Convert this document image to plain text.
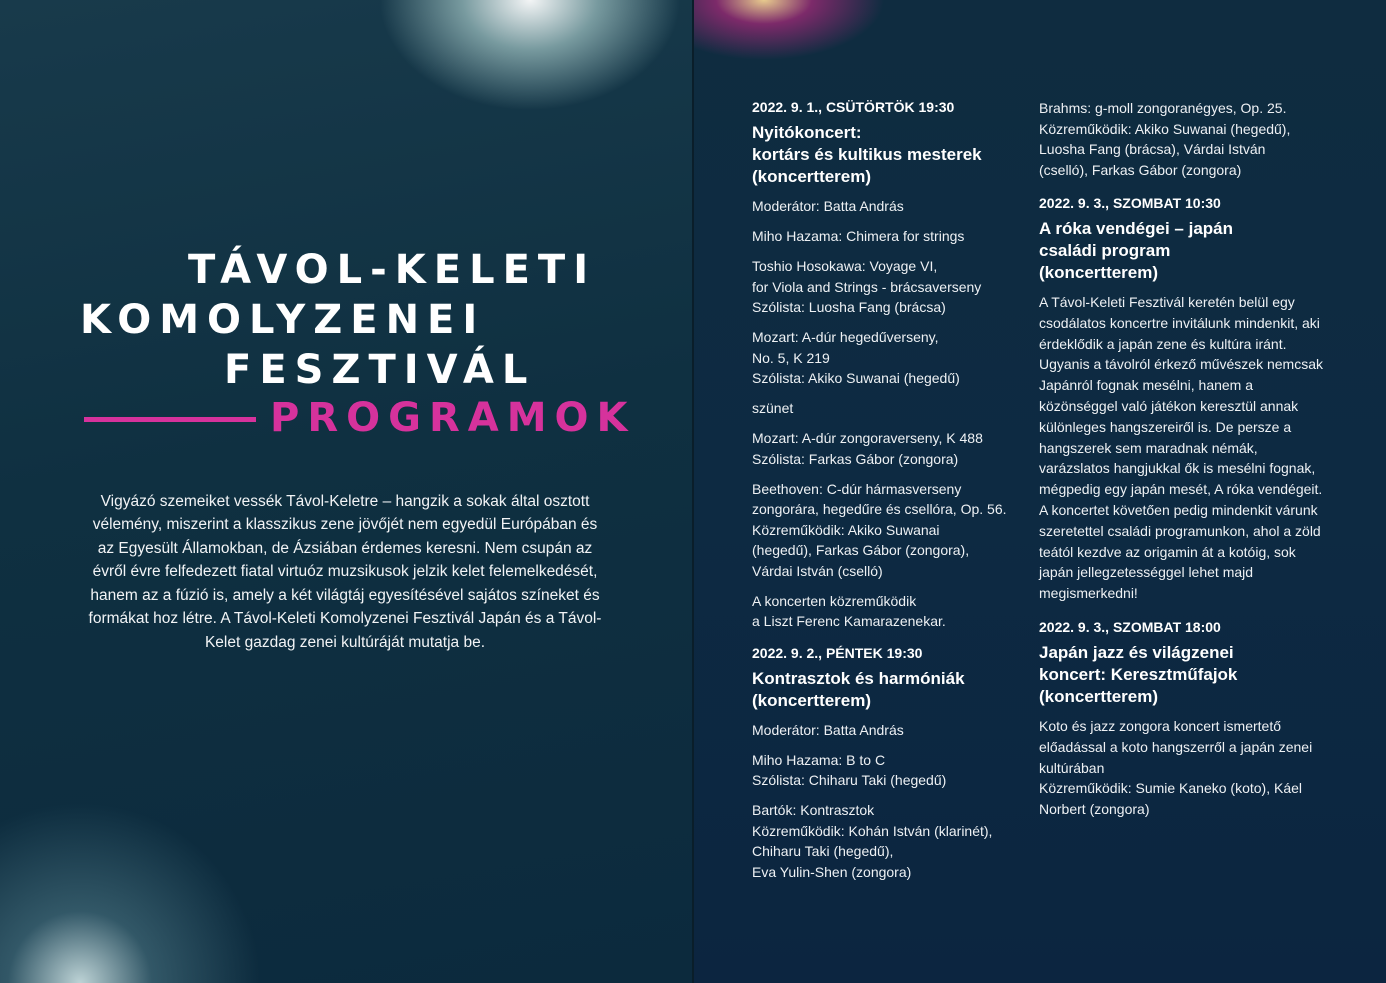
TÁVOL-KELETI
KOMOLYZENEI
FESZTIVÁL
PROGRAMOK

Vigyázó szemeiket vessék Távol-Keletre – hangzik a sokak által osztott vélemény, miszerint a klasszikus zene jövőjét nem egyedül Európában és az Egyesült Államokban, de Ázsiában érdemes keresni. Nem csupán az évről évre felfedezett fiatal virtuóz muzsikusok jelzik kelet felemelkedését, hanem az a fúzió is, amely a két világtáj egyesítésével sajátos színeket és formákat hoz létre. A Távol-Keleti Komolyzenei Fesztivál Japán és a Távol-Kelet gazdag zenei kultúráját mutatja be.

2022. 9. 1., CSÜTÖRTÖK 19:30
Nyitókoncert:
kortárs és kultikus mesterek
(koncertterem)
Moderátor: Batta András
Miho Hazama: Chimera for strings
Toshio Hosokawa: Voyage VI,
for Viola and Strings - brácsaverseny
Szólista: Luosha Fang (brácsa)
Mozart: A-dúr hegedűverseny,
No. 5, K 219
Szólista: Akiko Suwanai (hegedű)
szünet
Mozart: A-dúr zongoraverseny, K 488
Szólista: Farkas Gábor (zongora)
Beethoven: C-dúr hármasverseny
zongorára, hegedűre és csellóra, Op. 56.
Közreműködik: Akiko Suwanai
(hegedű), Farkas Gábor (zongora),
Várdai István (cselló)
A koncerten közreműködik
a Liszt Ferenc Kamarazenekar.
2022. 9. 2., PÉNTEK 19:30
Kontrasztok és harmóniák
(koncertterem)
Moderátor: Batta András
Miho Hazama: B to C
Szólista: Chiharu Taki (hegedű)
Bartók: Kontrasztok
Közreműködik: Kohán István (klarinét),
Chiharu Taki (hegedű),
Eva Yulin-Shen (zongora)
Brahms: g-moll zongoranégyes, Op. 25.
Közreműködik: Akiko Suwanai (hegedű),
Luosha Fang (brácsa), Várdai István
(cselló), Farkas Gábor (zongora)
2022. 9. 3., SZOMBAT 10:30
A róka vendégei – japán
családi program
(koncertterem)
A Távol-Keleti Fesztivál keretén belül egy csodálatos koncertre invitálunk mindenkit, aki érdeklődik a japán zene és kultúra iránt. Ugyanis a távolról érkező művészek nemcsak Japánról fognak mesélni, hanem a közönséggel való játékon keresztül annak különleges hangszereiről is. De persze a hangszerek sem maradnak némák, varázslatos hangjukkal ők is mesélni fognak, mégpedig egy japán mesét, A róka vendégeit. A koncertet követően pedig mindenkit várunk szeretettel családi programunkon, ahol a zöld teától kezdve az origamin át a kotóig, sok japán jellegzetességgel lehet majd megismerkedni!
2022. 9. 3., SZOMBAT 18:00
Japán jazz és világzenei
koncert: Keresztműfajok
(koncertterem)
Koto és jazz zongora koncert ismertető előadással a koto hangszerről a japán zenei kultúrában
Közreműködik: Sumie Kaneko (koto), Káel Norbert (zongora)
